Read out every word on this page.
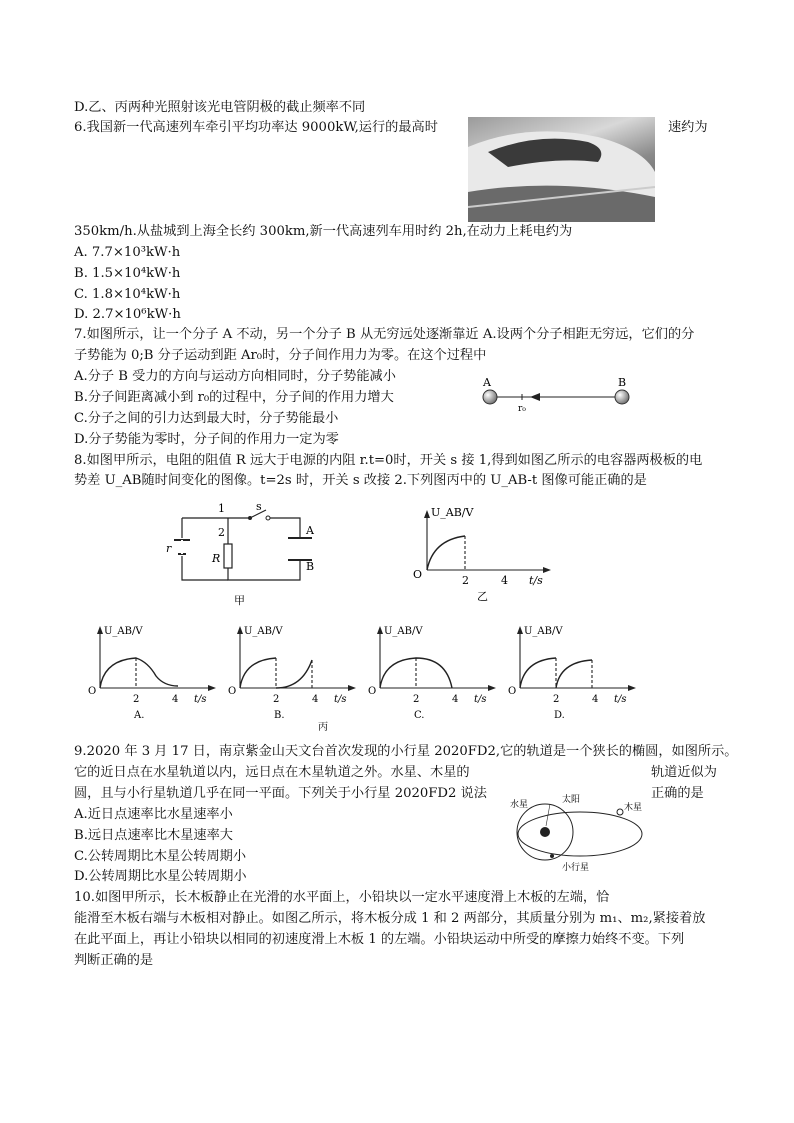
D.乙、丙两种光照射该光电管阴极的截止频率不同
6.我国新一代高速列车牵引平均功率达 9000kW,运行的最高时	速约为
350km/h.从盐城到上海全长约 300km,新一代高速列车用时约 2h,在动力上耗电约为
A. 7.7×10³kW·h
B. 1.5×10⁴kW·h
C. 1.8×10⁴kW·h
D. 2.7×10⁶kW·h
7.如图所示，让一个分子 A 不动，另一个分子 B 从无穷远处逐渐靠近 A.设两个分子相距无穷远，它们的分
子势能为 0;B 分子运动到距 Ar₀时，分子间作用力为零。在这个过程中
A.分子 B 受力的方向与运动方向相同时，分子势能减小
B.分子间距离减小到 r₀的过程中，分子间的作用力增大
C.分子之间的引力达到最大时，分子势能最小
D.分子势能为零时，分子间的作用力一定为零
A	B
r₀
8.如图甲所示，电阻的阻值 R 远大于电源的内阻 r.t=0时，开关 s 接 1,得到如图乙所示的电容器两极板的电
势差 U_AB随时间变化的图像。t=2s 时，开关 s 改接 2.下列图丙中的 U_AB-t 图像可能正确的是
s
1
2
r
R
A
B
甲
U_AB/V
O	2	4 t/s
乙
U_AB/V
O
2	4 t/s
A.
U_AB/V
O
2	4 t/s
B.
U_AB/V
O
2	4 t/s
C.
U_AB/V
O
2	4 t/s
D.
丙
9.2020 年 3 月 17 日，南京紫金山天文台首次发现的小行星 2020FD2,它的轨道是一个狭长的椭圆，如图所示。
它的近日点在水星轨道以内，远日点在木星轨道之外。水星、木星的	轨道近似为
圆，且与小行星轨道几乎在同一平面。下列关于小行星 2020FD2 说法	正确的是
A.近日点速率比水星速率小
B.远日点速率比木星速率大
C.公转周期比木星公转周期小
D.公转周期比水星公转周期小
太阳
水星	木星
小行星
10.如图甲所示，长木板静止在光滑的水平面上，小铅块以一定水平速度滑上木板的左端，恰
能滑至木板右端与木板相对静止。如图乙所示，将木板分成 1 和 2 两部分，其质量分别为 m₁、m₂,紧接着放
在此平面上，再让小铅块以相同的初速度滑上木板 1 的左端。小铅块运动中所受的摩擦力始终不变。下列
判断正确的是
